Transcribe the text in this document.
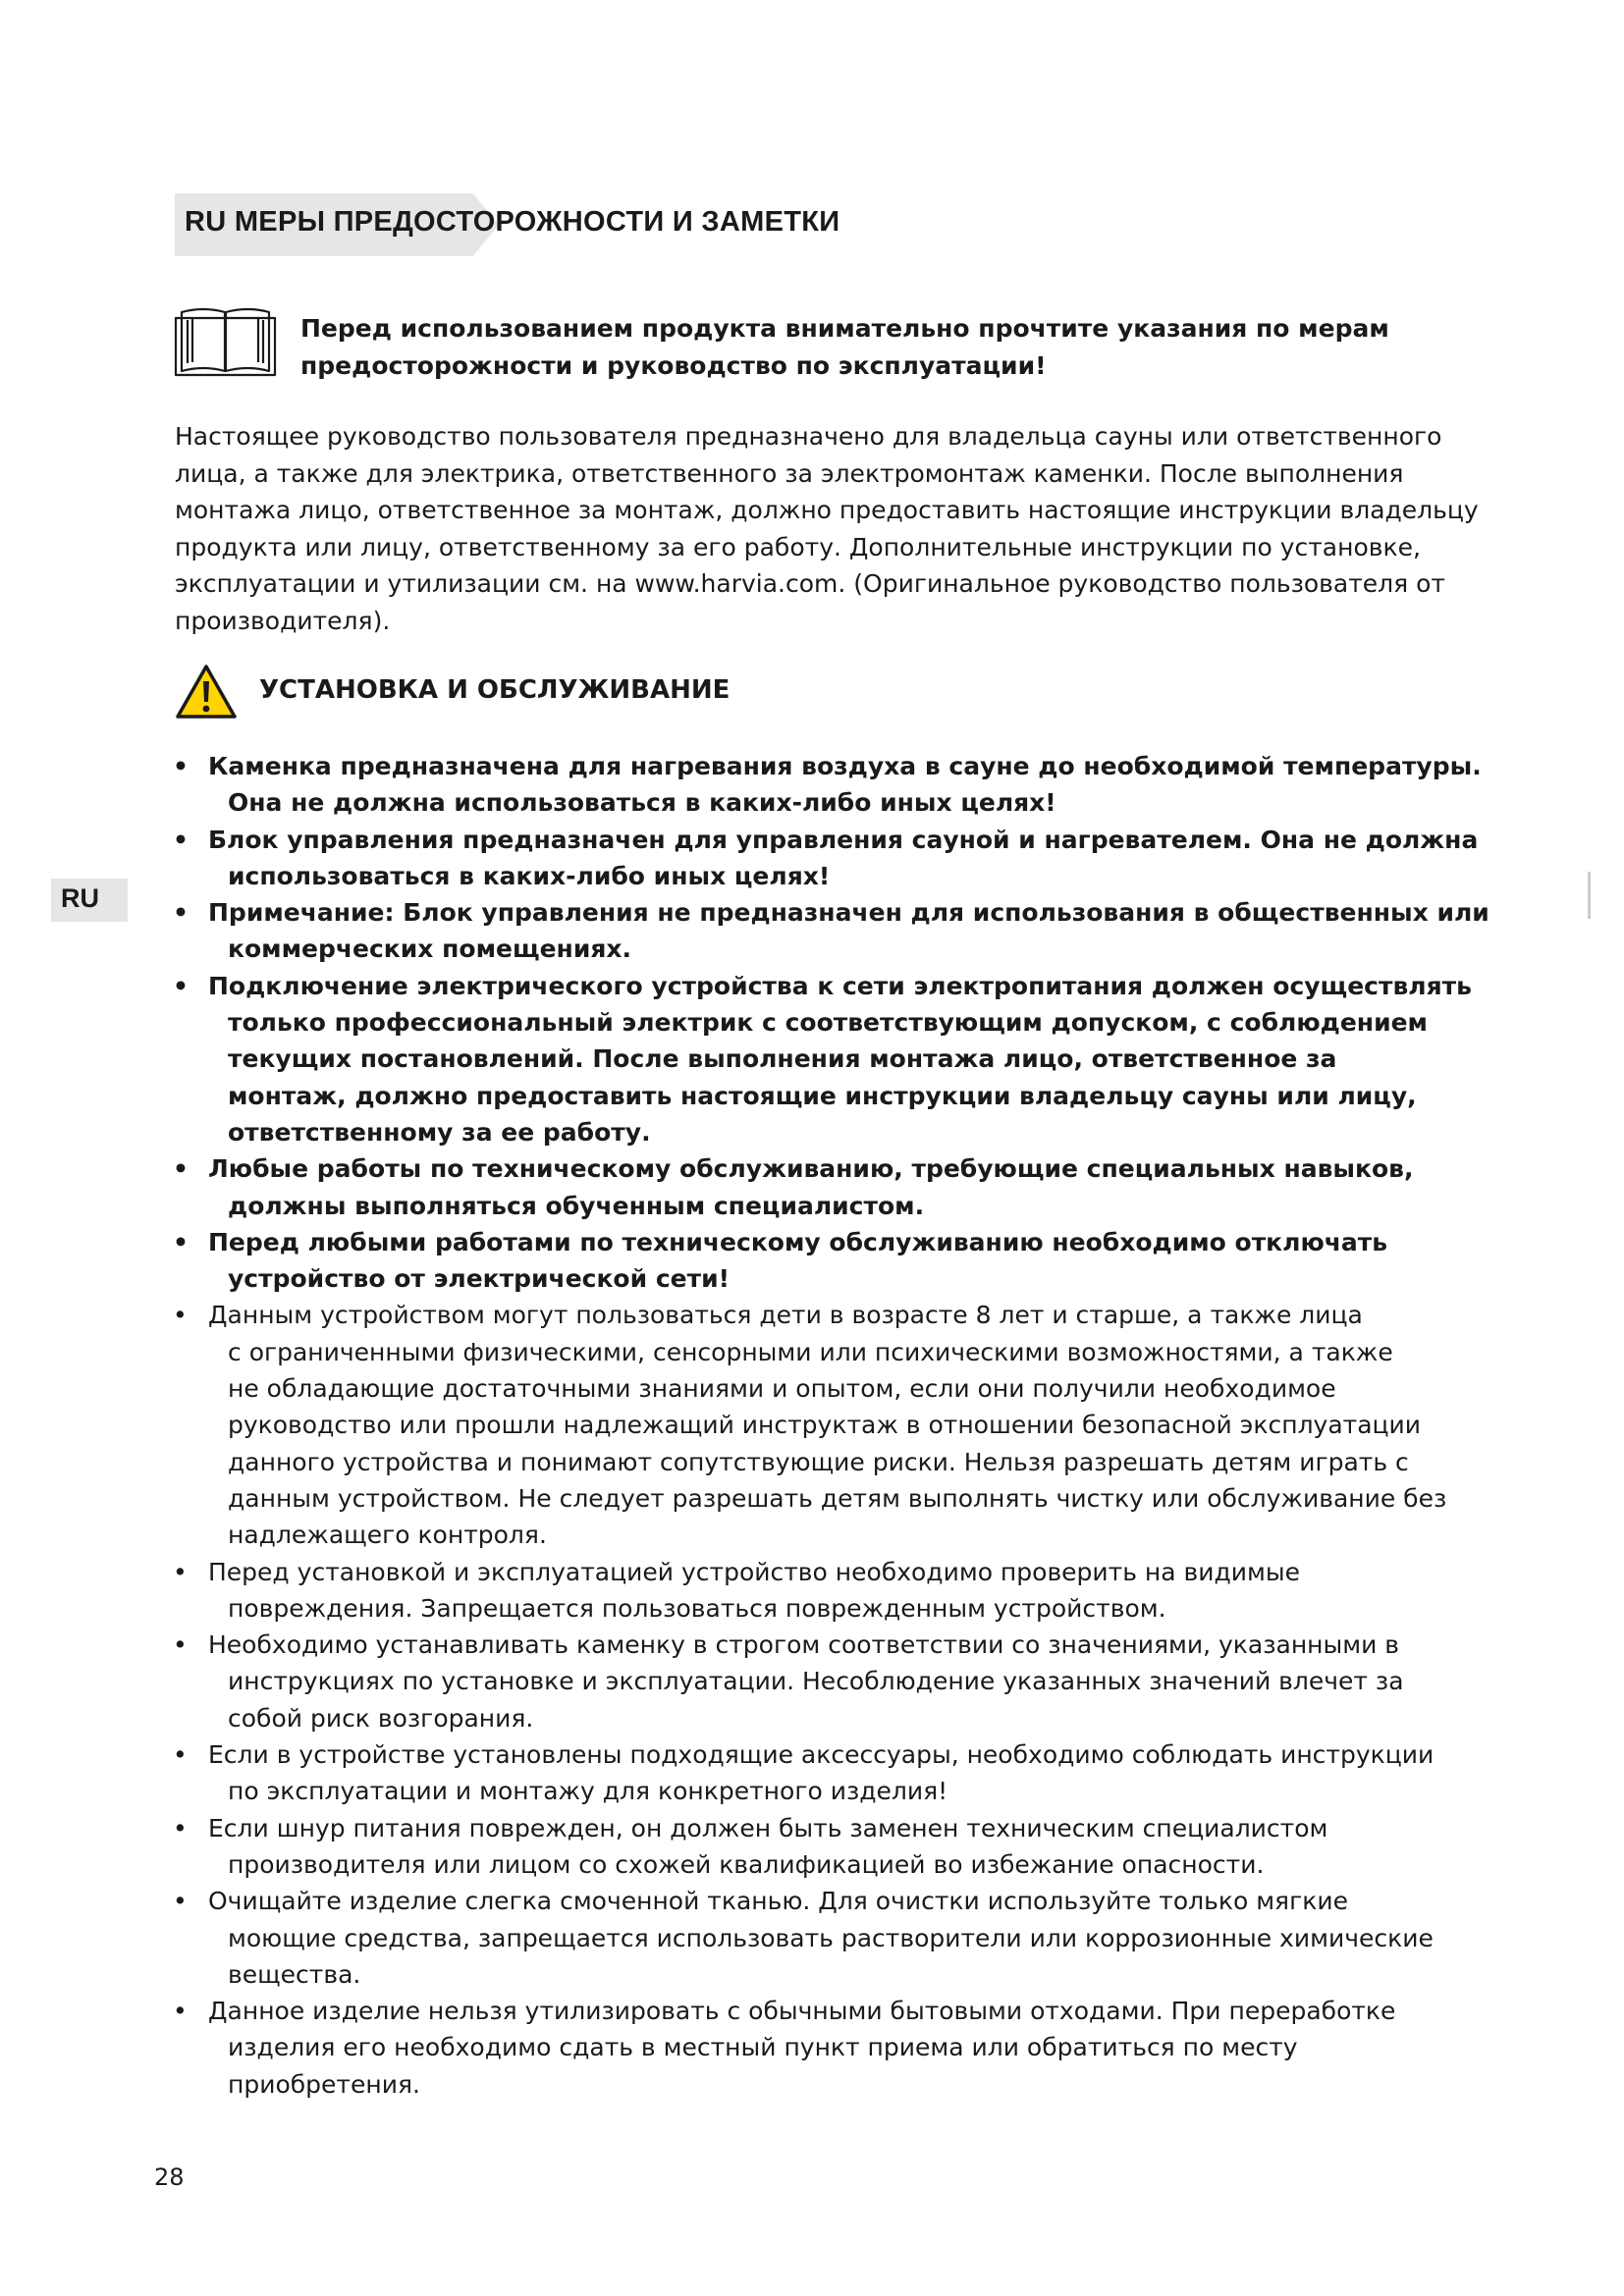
RU МЕРЫ ПРЕДОСТОРОЖНОСТИ И ЗАМЕТКИ

Перед использованием продукта внимательно прочтите указания по мерам
предосторожности и руководство по эксплуатации!

Настоящее руководство пользователя предназначено для владельца сауны или ответственного
лица, а также для электрика, ответственного за электромонтаж каменки. После выполнения
монтажа лицо, ответственное за монтаж, должно предоставить настоящие инструкции владельцу
продукта или лицу, ответственному за его работу. Дополнительные инструкции по установке,
эксплуатации и утилизации см. на www.harvia.com. (Оригинальное руководство пользователя от
производителя).

УСТАНОВКА И ОБСЛУЖИВАНИЕ
RU
• Каменка предназначена для нагревания воздуха в сауне до необходимой температуры.
Она не должна использоваться в каких-либо иных целях!
• Блок управления предназначен для управления сауной и нагревателем. Она не должна
использоваться в каких-либо иных целях!
• Примечание: Блок управления не предназначен для использования в общественных или
коммерческих помещениях.
• Подключение электрического устройства к сети электропитания должен осуществлять
только профессиональный электрик с соответствующим допуском, с соблюдением
текущих постановлений. После выполнения монтажа лицо, ответственное за
монтаж, должно предоставить настоящие инструкции владельцу сауны или лицу,
ответственному за ее работу.
• Любые работы по техническому обслуживанию, требующие специальных навыков,
должны выполняться обученным специалистом.
• Перед любыми работами по техническому обслуживанию необходимо отключать
устройство от электрической сети!
• Данным устройством могут пользоваться дети в возрасте 8 лет и старше, а также лица
с ограниченными физическими, сенсорными или психическими возможностями, а также
не обладающие достаточными знаниями и опытом, если они получили необходимое
руководство или прошли надлежащий инструктаж в отношении безопасной эксплуатации
данного устройства и понимают сопутствующие риски. Нельзя разрешать детям играть с
данным устройством. Не следует разрешать детям выполнять чистку или обслуживание без
надлежащего контроля.
• Перед установкой и эксплуатацией устройство необходимо проверить на видимые
повреждения. Запрещается пользоваться поврежденным устройством.
• Необходимо устанавливать каменку в строгом соответствии со значениями, указанными в
инструкциях по установке и эксплуатации. Несоблюдение указанных значений влечет за
собой риск возгорания.
• Если в устройстве установлены подходящие аксессуары, необходимо соблюдать инструкции
по эксплуатации и монтажу для конкретного изделия!
• Если шнур питания поврежден, он должен быть заменен техническим специалистом
производителя или лицом со схожей квалификацией во избежание опасности.
• Очищайте изделие слегка смоченной тканью. Для очистки используйте только мягкие
моющие средства, запрещается использовать растворители или коррозионные химические
вещества.
• Данное изделие нельзя утилизировать с обычными бытовыми отходами. При переработке
изделия его необходимо сдать в местный пункт приема или обратиться по месту
приобретения.
28
